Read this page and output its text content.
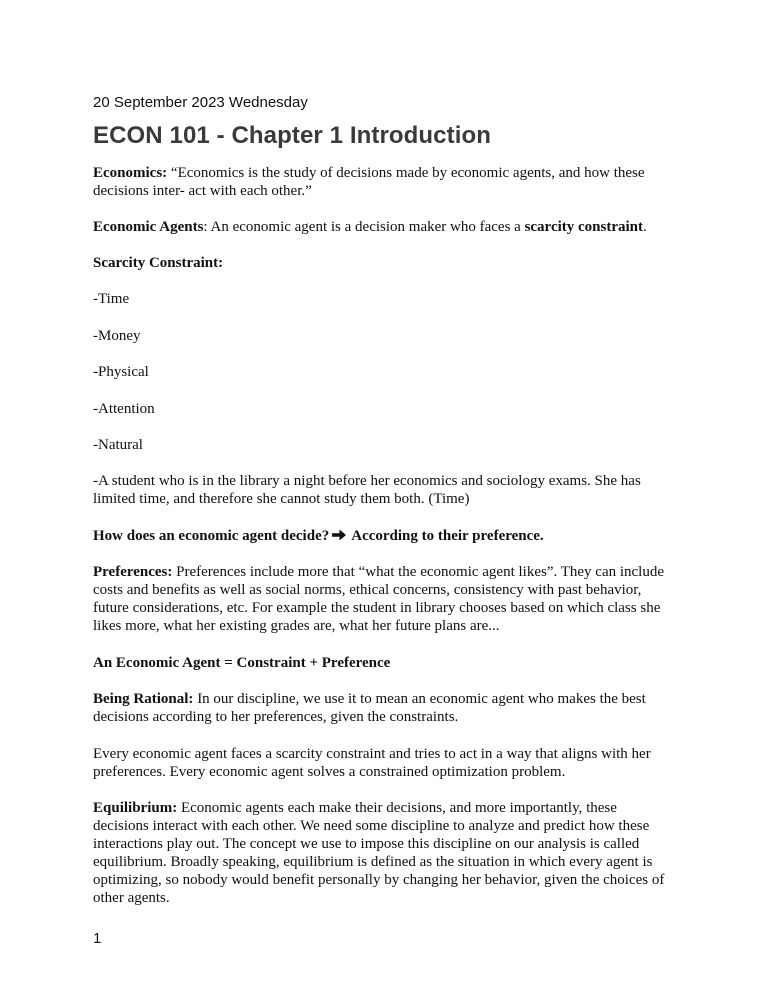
20 September 2023 Wednesday

ECON 101 - Chapter 1 Introduction

Economics: “Economics is the study of decisions made by economic agents, and how these decisions inter- act with each other.”

Economic Agents: An economic agent is a decision maker who faces a scarcity constraint.

Scarcity Constraint:

-Time

-Money

-Physical

-Attention

-Natural

-A student who is in the library a night before her economics and sociology exams. She has limited time, and therefore she cannot study them both. (Time)

How does an economic agent decide? According to their preference.

Preferences: Preferences include more that “what the economic agent likes”. They can include costs and benefits as well as social norms, ethical concerns, consistency with past behavior, future considerations, etc. For example the student in library chooses based on which class she likes more, what her existing grades are, what her future plans are...

An Economic Agent = Constraint + Preference

Being Rational: In our discipline, we use it to mean an economic agent who makes the best decisions according to her preferences, given the constraints.

Every economic agent faces a scarcity constraint and tries to act in a way that aligns with her preferences. Every economic agent solves a constrained optimization problem.

Equilibrium: Economic agents each make their decisions, and more importantly, these decisions interact with each other. We need some discipline to analyze and predict how these interactions play out. The concept we use to impose this discipline on our analysis is called equilibrium. Broadly speaking, equilibrium is defined as the situation in which every agent is optimizing, so nobody would benefit personally by changing her behavior, given the choices of other agents.

1
